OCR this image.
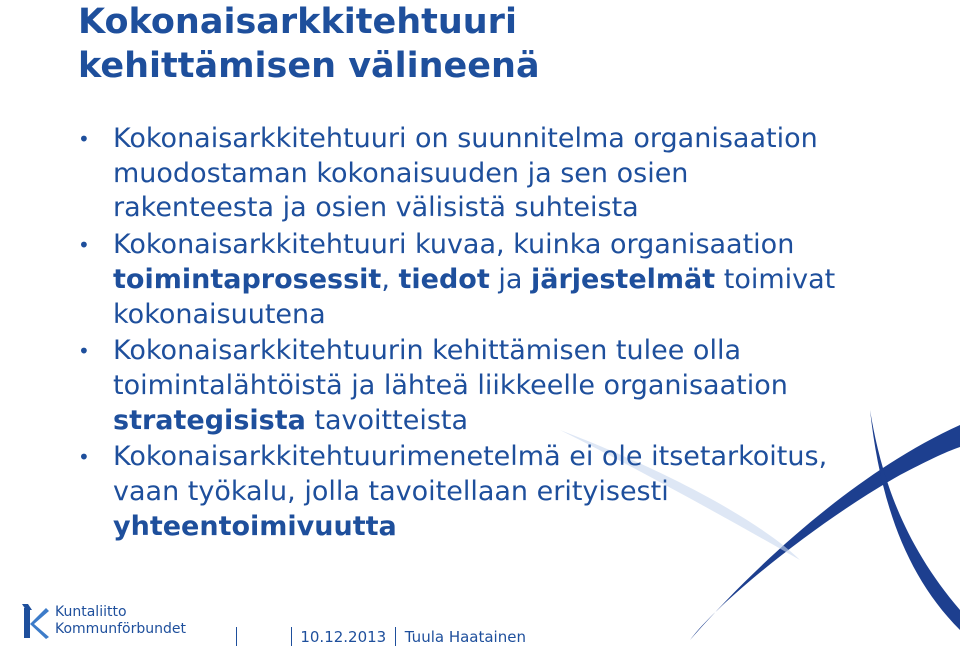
Kokonaisarkkitehtuuri
kehittämisen välineenä
• Kokonaisarkkitehtuuri on suunnitelma organisaation muodostaman kokonaisuuden ja sen osien rakenteesta ja osien välisistä suhteista
• Kokonaisarkkitehtuuri kuvaa, kuinka organisaation toimintaprosessit, tiedot ja järjestelmät toimivat kokonaisuutena
• Kokonaisarkkitehtuurin kehittämisen tulee olla toimintalähtöistä ja lähteä liikkeelle organisaation strategisista tavoitteista
• Kokonaisarkkitehtuurimenetelmä ei ole itsetarkoitus, vaan työkalu, jolla tavoitellaan erityisesti yhteentoimivuutta
Kuntaliitto
Kommunförbundet	10.12.2013 Tuula Haatainen
